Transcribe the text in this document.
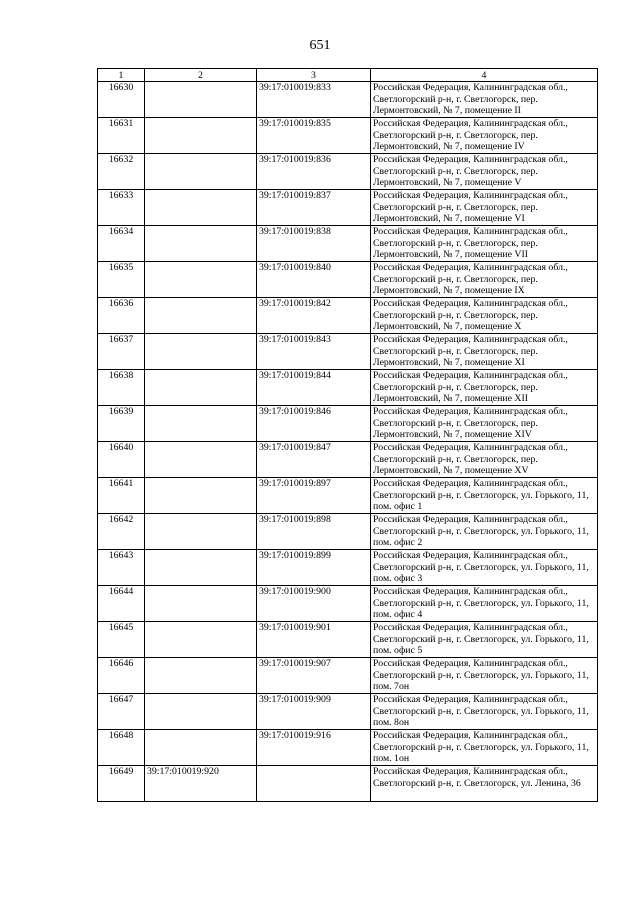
651
1	2	3	4
16630		39:17:010019:833	Российская Федерация, Калининградская обл., Светлогорский р-н, г. Светлогорск, пер. Лермонтовский, № 7, помещение II
16631		39:17:010019:835	Российская Федерация, Калининградская обл., Светлогорский р-н, г. Светлогорск, пер. Лермонтовский, № 7, помещение IV
16632		39:17:010019:836	Российская Федерация, Калининградская обл., Светлогорский р-н, г. Светлогорск, пер. Лермонтовский, № 7, помещение V
16633		39:17:010019:837	Российская Федерация, Калининградская обл., Светлогорский р-н, г. Светлогорск, пер. Лермонтовский, № 7, помещение VI
16634		39:17:010019:838	Российская Федерация, Калининградская обл., Светлогорский р-н, г. Светлогорск, пер. Лермонтовский, № 7, помещение VII
16635		39:17:010019:840	Российская Федерация, Калининградская обл., Светлогорский р-н, г. Светлогорск, пер. Лермонтовский, № 7, помещение IX
16636		39:17:010019:842	Российская Федерация, Калининградская обл., Светлогорский р-н, г. Светлогорск, пер. Лермонтовский, № 7, помещение X
16637		39:17:010019:843	Российская Федерация, Калининградская обл., Светлогорский р-н, г. Светлогорск, пер. Лермонтовский, № 7, помещение XI
16638		39:17:010019:844	Российская Федерация, Калининградская обл., Светлогорский р-н, г. Светлогорск, пер. Лермонтовский, № 7, помещение XII
16639		39:17:010019:846	Российская Федерация, Калининградская обл., Светлогорский р-н, г. Светлогорск, пер. Лермонтовский, № 7, помещение XIV
16640		39:17:010019:847	Российская Федерация, Калининградская обл., Светлогорский р-н, г. Светлогорск, пер. Лермонтовский, № 7, помещение XV
16641		39:17:010019:897	Российская Федерация, Калининградская обл., Светлогорский р-н, г. Светлогорск, ул. Горького, 11, пом. офис 1
16642		39:17:010019:898	Российская Федерация, Калининградская обл., Светлогорский р-н, г. Светлогорск, ул. Горького, 11, пом. офис 2
16643		39:17:010019:899	Российская Федерация, Калининградская обл., Светлогорский р-н, г. Светлогорск, ул. Горького, 11, пом. офис 3
16644		39:17:010019:900	Российская Федерация, Калининградская обл., Светлогорский р-н, г. Светлогорск, ул. Горького, 11, пом. офис 4
16645		39:17:010019:901	Российская Федерация, Калининградская обл., Светлогорский р-н, г. Светлогорск, ул. Горького, 11, пом. офис 5
16646		39:17:010019:907	Российская Федерация, Калининградская обл., Светлогорский р-н, г. Светлогорск, ул. Горького, 11, пом. 7он
16647		39:17:010019:909	Российская Федерация, Калининградская обл., Светлогорский р-н, г. Светлогорск, ул. Горького, 11, пом. 8он
16648		39:17:010019:916	Российская Федерация, Калининградская обл., Светлогорский р-н, г. Светлогорск, ул. Горького, 11, пом. 1он
16649	39:17:010019:920		Российская Федерация, Калининградская обл., Светлогорский р-н, г. Светлогорск, ул. Ленина, 36
